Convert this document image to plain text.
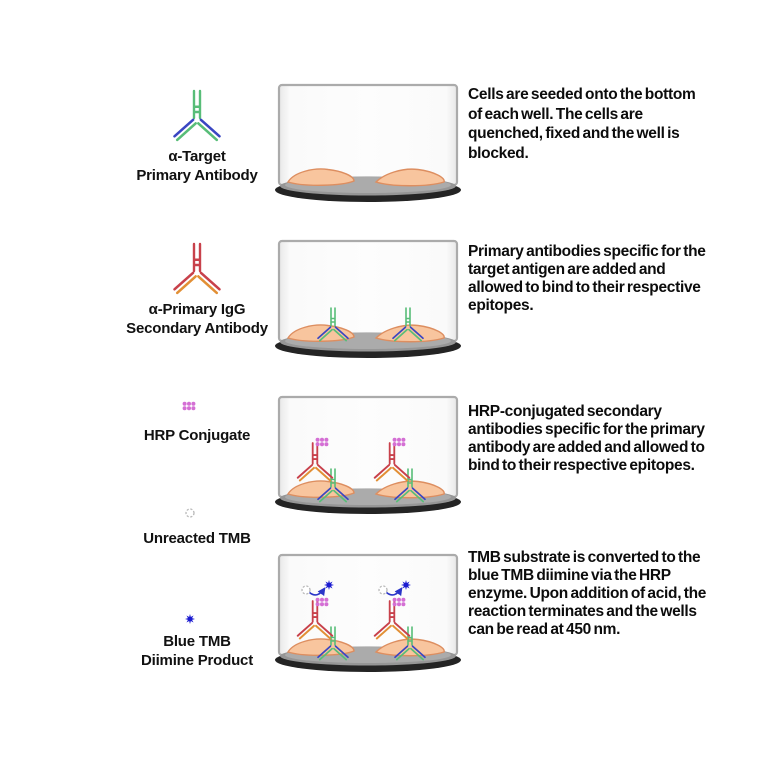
α-Target
Primary Antibody
Cells are seeded onto the bottom of each well. The cells are quenched, fixed and the well is blocked.
α-Primary IgG
Secondary Antibody
Primary antibodies specific for the target antigen are added and allowed to bind to their respective epitopes.
HRP Conjugate
HRP-conjugated secondary antibodies specific for the primary antibody are added and allowed to bind to their respective epitopes.
Unreacted TMB
Blue TMB
Diimine Product
TMB substrate is converted to the blue TMB diimine via the HRP enzyme. Upon addition of acid, the reaction terminates and the wells can be read at 450 nm.
